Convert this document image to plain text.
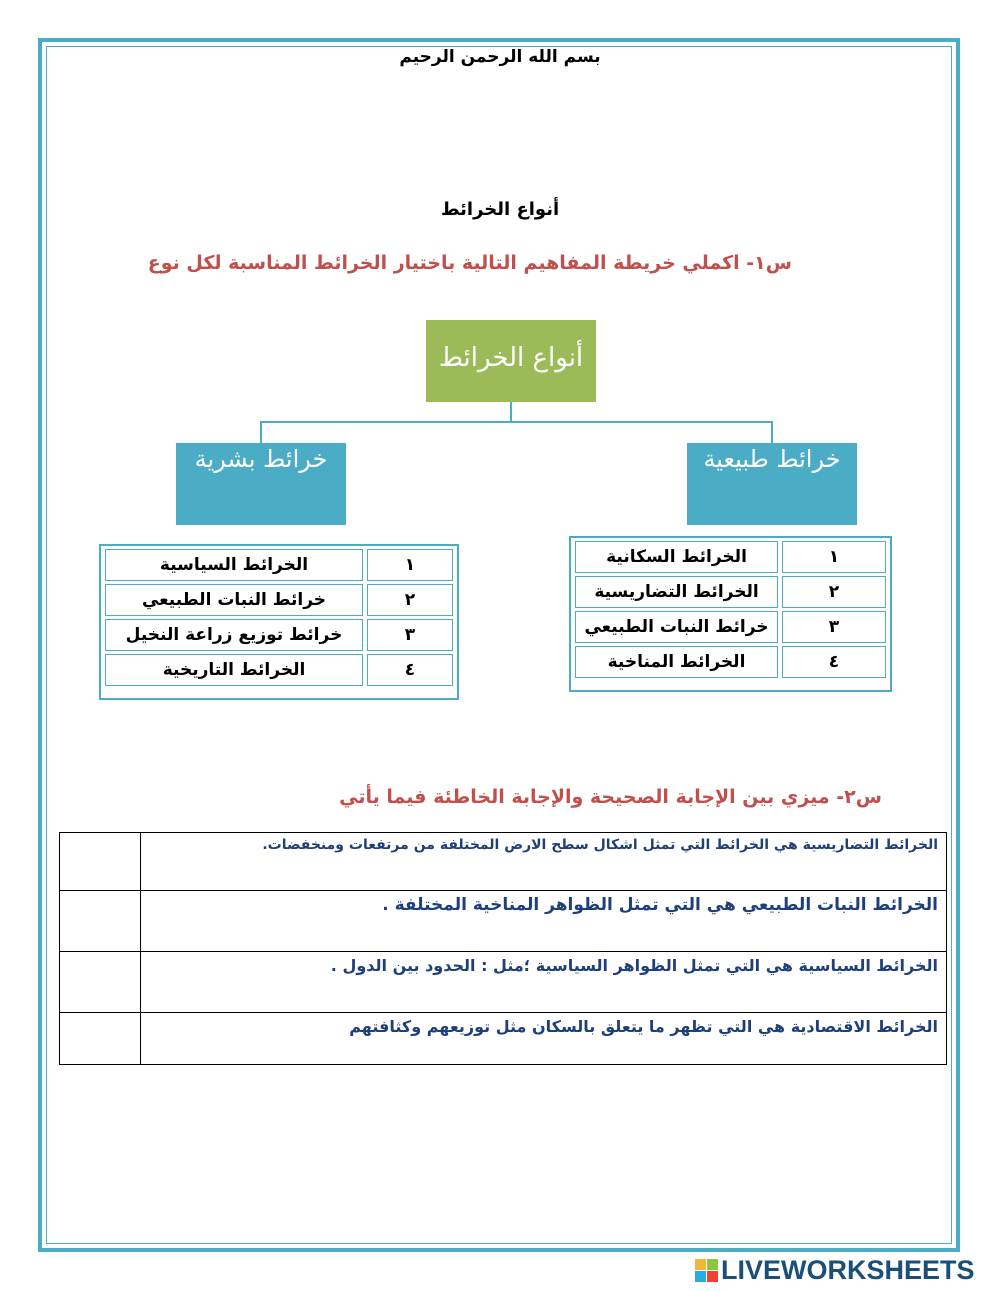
بسم الله الرحمن الرحيم
أنواع الخرائط
س١- اكملي خريطة المفاهيم التالية باختيار الخرائط المناسبة لكل نوع
أنواع الخرائط
خرائط بشرية	خرائط طبيعية
١	الخرائط السياسية
٢	خرائط النبات الطبيعي
٣	خرائط توزيع زراعة النخيل
٤	الخرائط التاريخية
١	الخرائط السكانية
٢	الخرائط التضاريسية
٣	خرائط النبات الطبيعي
٤	الخرائط المناخية
س٢- ميزي بين الإجابة الصحيحة والإجابة الخاطئة فيما يأتي
	الخرائط التضاريسية هي الخرائط التي تمثل اشكال سطح الارض المختلفة من مرتفعات ومنخفضات.
	الخرائط النبات الطبيعي هي التي تمثل الظواهر المناخية المختلفة .
	الخرائط السياسية هي التي تمثل الظواهر السياسية ؛مثل : الحدود بين الدول .
	الخرائط الاقتصادية هي التي تظهر ما يتعلق بالسكان مثل توزيعهم وكثافتهم
LIVEWORKSHEETS
